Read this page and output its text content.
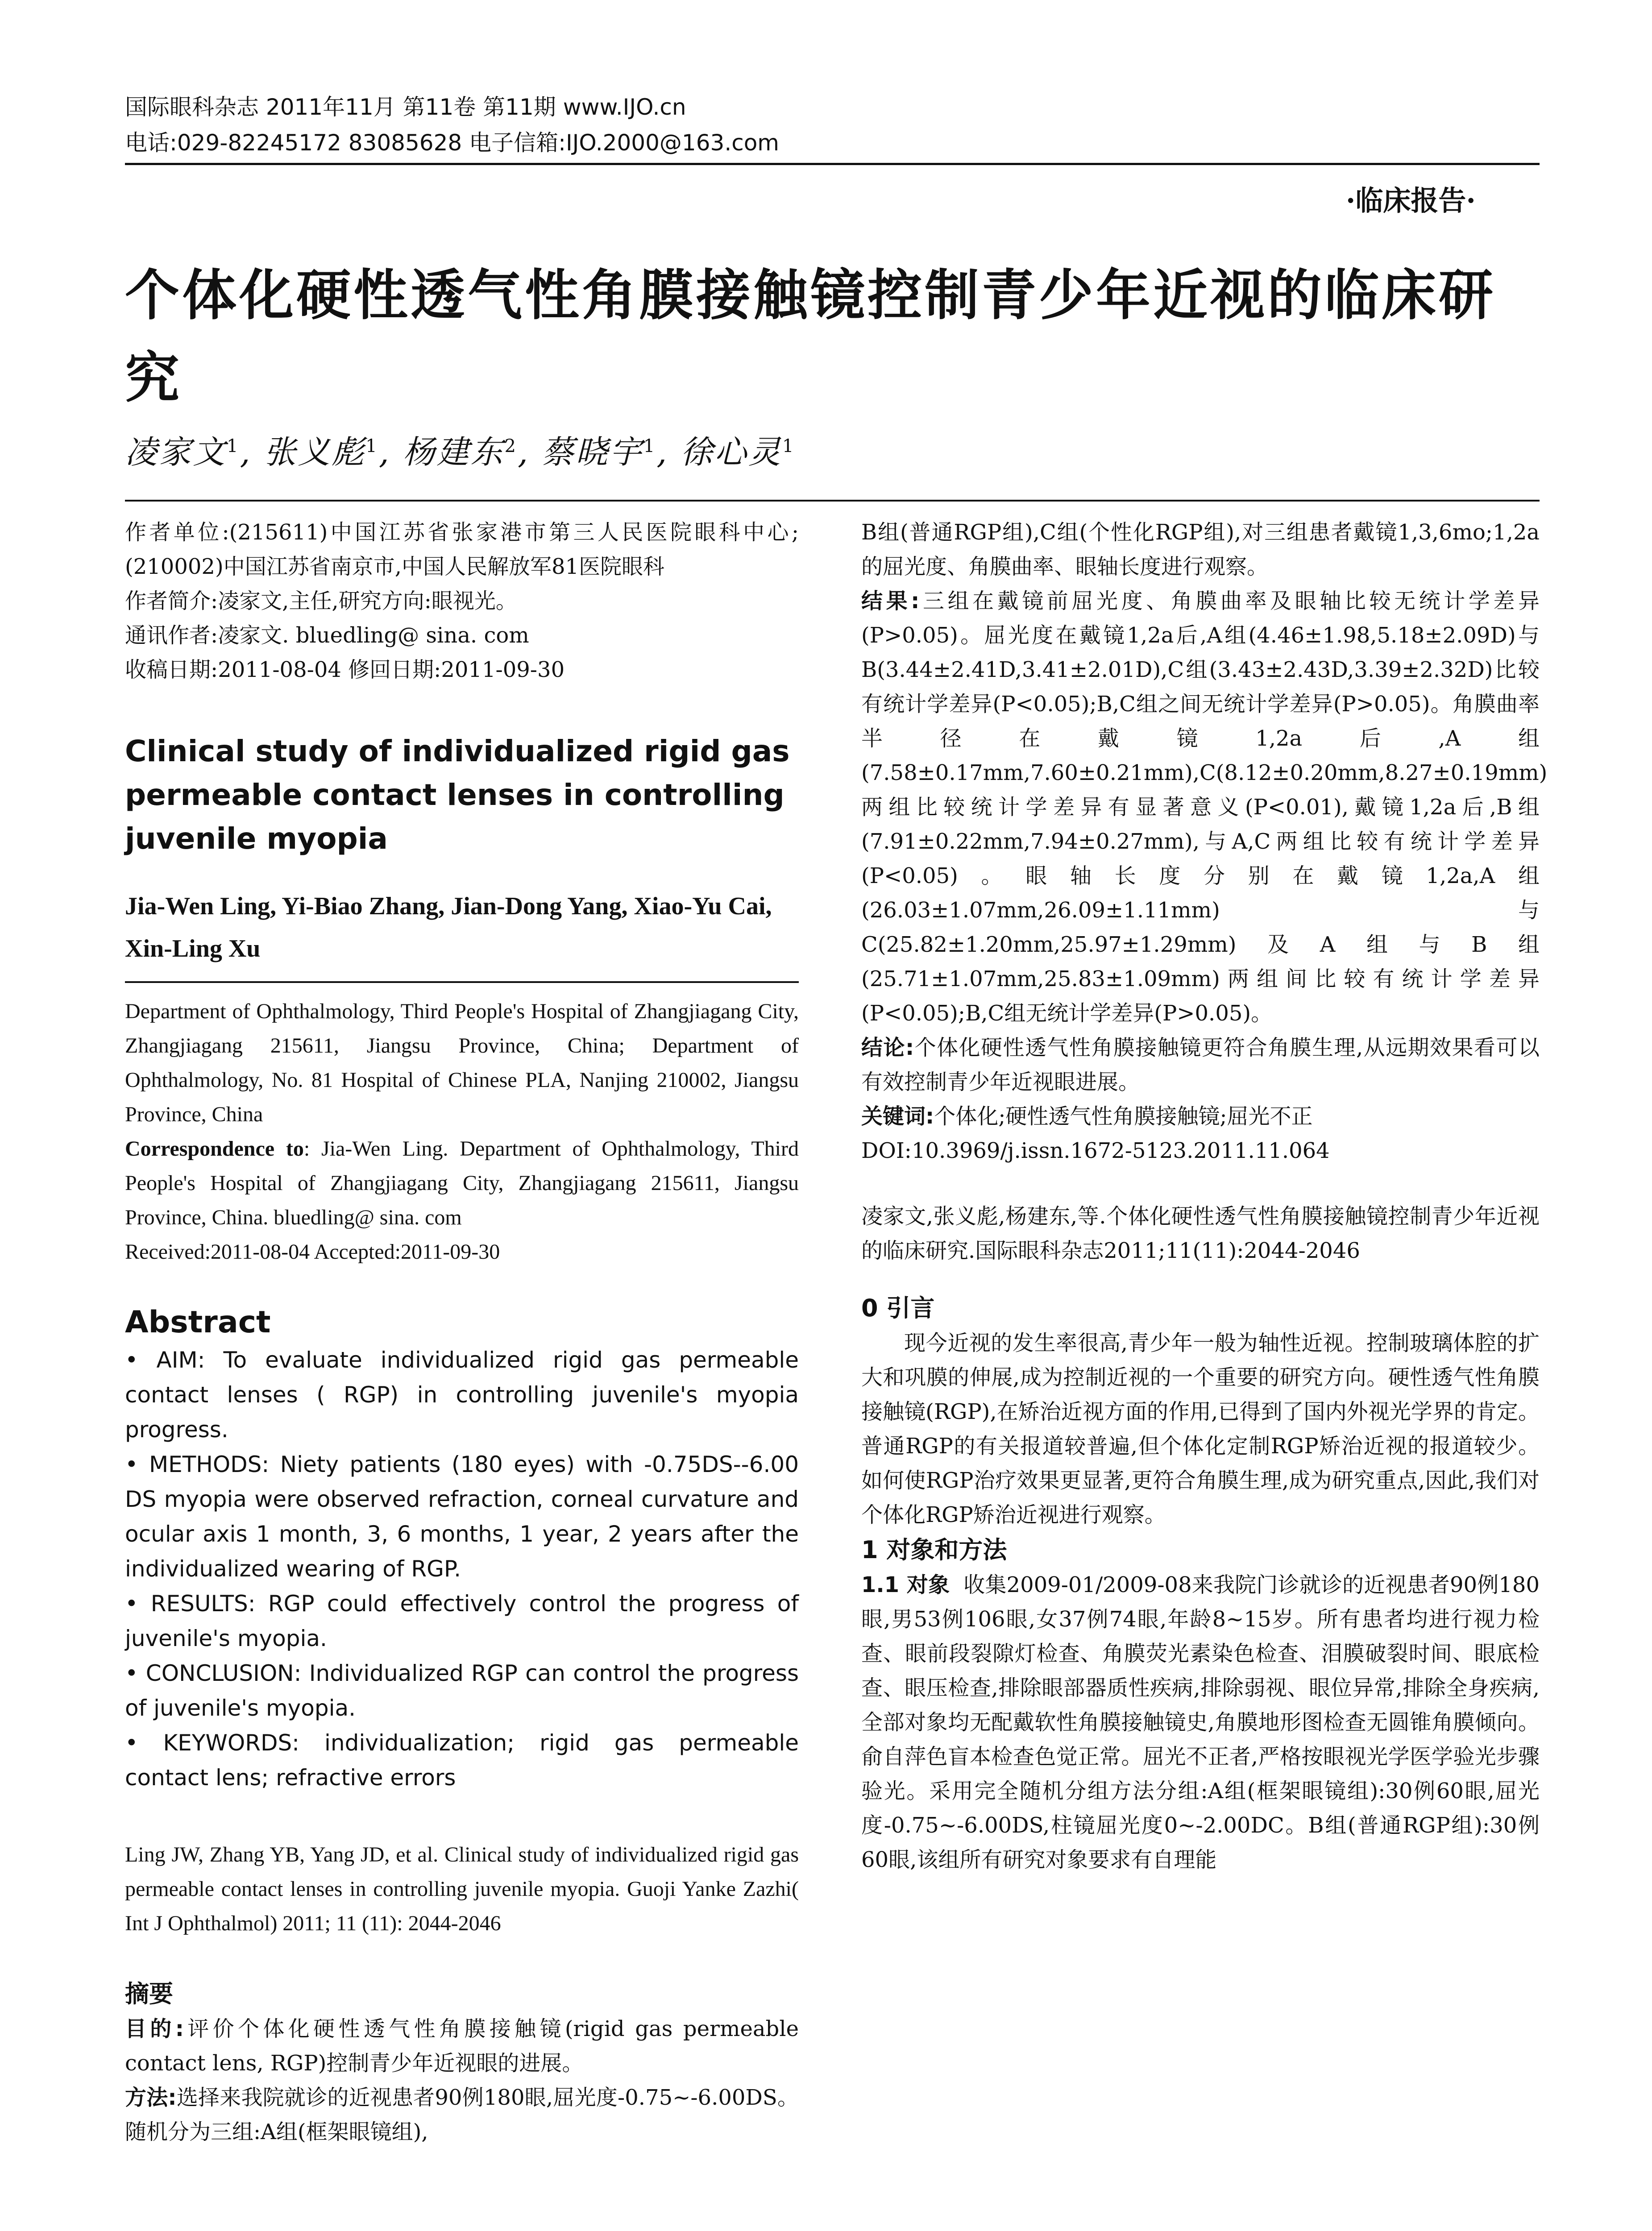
国际眼科杂志 2011年11月 第11卷 第11期 www.IJO.cn
电话:029-82245172 83085628 电子信箱:IJO.2000@163.com
·临床报告·
个体化硬性透气性角膜接触镜控制青少年近视的临床研究
凌家文$^1$, 张义彪$^1$, 杨建东$^2$, 蔡晓宇$^1$, 徐心灵$^1$

作者单位:(215611)中国江苏省张家港市第三人民医院眼科中心;(210002)中国江苏省南京市,中国人民解放军81医院眼科

作者简介:凌家文,主任,研究方向:眼视光。

通讯作者:凌家文. bluedling@ sina. com

收稿日期:2011-08-04 修回日期:2011-09-30

Clinical study of individualized rigid gas permeable contact lenses in controlling juvenile myopia

Jia-Wen Ling, Yi-Biao Zhang, Jian-Dong Yang, Xiao-Yu Cai, Xin-Ling Xu

Department of Ophthalmology, Third People's Hospital of Zhangjiagang City, Zhangjiagang 215611, Jiangsu Province, China; Department of Ophthalmology, No. 81 Hospital of Chinese PLA, Nanjing 210002, Jiangsu Province, China

Correspondence to: Jia-Wen Ling. Department of Ophthalmology, Third People's Hospital of Zhangjiagang City, Zhangjiagang 215611, Jiangsu Province, China. bluedling@ sina. com

Received:2011-08-04 Accepted:2011-09-30

Abstract

• AIM: To evaluate individualized rigid gas permeable contact lenses ( RGP) in controlling juvenile's myopia progress.

• METHODS: Niety patients (180 eyes) with -0.75DS--6.00 DS myopia were observed refraction, corneal curvature and ocular axis 1 month, 3, 6 months, 1 year, 2 years after the individualized wearing of RGP.

• RESULTS: RGP could effectively control the progress of juvenile's myopia.

• CONCLUSION: Individualized RGP can control the progress of juvenile's myopia.

• KEYWORDS: individualization; rigid gas permeable contact lens; refractive errors

Ling JW, Zhang YB, Yang JD, et al. Clinical study of individualized rigid gas permeable contact lenses in controlling juvenile myopia. Guoji Yanke Zazhi( Int J Ophthalmol) 2011; 11 (11): 2044-2046

摘要

目的:评价个体化硬性透气性角膜接触镜(rigid gas permeable contact lens, RGP)控制青少年近视眼的进展。

方法:选择来我院就诊的近视患者90例180眼,屈光度-0.75~-6.00DS。随机分为三组:A组(框架眼镜组),

B组(普通RGP组),C组(个性化RGP组),对三组患者戴镜1,3,6mo;1,2a的屈光度、角膜曲率、眼轴长度进行观察。

结果:三组在戴镜前屈光度、角膜曲率及眼轴比较无统计学差异(P>0.05)。屈光度在戴镜1,2a后,A组(4.46±1.98,5.18±2.09D)与B(3.44±2.41D,3.41±2.01D),C组(3.43±2.43D,3.39±2.32D)比较有统计学差异(P<0.05);B,C组之间无统计学差异(P>0.05)。角膜曲率半径在戴镜1,2a后,A组(7.58±0.17mm,7.60±0.21mm),C(8.12±0.20mm,8.27±0.19mm)两组比较统计学差异有显著意义(P<0.01),戴镜1,2a后,B组(7.91±0.22mm,7.94±0.27mm),与A,C两组比较有统计学差异(P<0.05)。眼轴长度分别在戴镜1,2a,A组(26.03±1.07mm,26.09±1.11mm)与C(25.82±1.20mm,25.97±1.29mm)及A组与B组(25.71±1.07mm,25.83±1.09mm)两组间比较有统计学差异(P<0.05);B,C组无统计学差异(P>0.05)。

结论:个体化硬性透气性角膜接触镜更符合角膜生理,从远期效果看可以有效控制青少年近视眼进展。

关键词:个体化;硬性透气性角膜接触镜;屈光不正

DOI:10.3969/j.issn.1672-5123.2011.11.064

凌家文,张义彪,杨建东,等.个体化硬性透气性角膜接触镜控制青少年近视的临床研究.国际眼科杂志2011;11(11):2044-2046

0 引言

现今近视的发生率很高,青少年一般为轴性近视。控制玻璃体腔的扩大和巩膜的伸展,成为控制近视的一个重要的研究方向。硬性透气性角膜接触镜(RGP),在矫治近视方面的作用,已得到了国内外视光学界的肯定。普通RGP的有关报道较普遍,但个体化定制RGP矫治近视的报道较少。如何使RGP治疗效果更显著,更符合角膜生理,成为研究重点,因此,我们对个体化RGP矫治近视进行观察。

1 对象和方法

1.1 对象 收集2009-01/2009-08来我院门诊就诊的近视患者90例180眼,男53例106眼,女37例74眼,年龄8~15岁。所有患者均进行视力检查、眼前段裂隙灯检查、角膜荧光素染色检查、泪膜破裂时间、眼底检查、眼压检查,排除眼部器质性疾病,排除弱视、眼位异常,排除全身疾病,全部对象均无配戴软性角膜接触镜史,角膜地形图检查无圆锥角膜倾向。俞自萍色盲本检查色觉正常。屈光不正者,严格按眼视光学医学验光步骤验光。采用完全随机分组方法分组:A组(框架眼镜组):30例60眼,屈光度-0.75~-6.00DS,柱镜屈光度0~-2.00DC。B组(普通RGP组):30例60眼,该组所有研究对象要求有自理能
